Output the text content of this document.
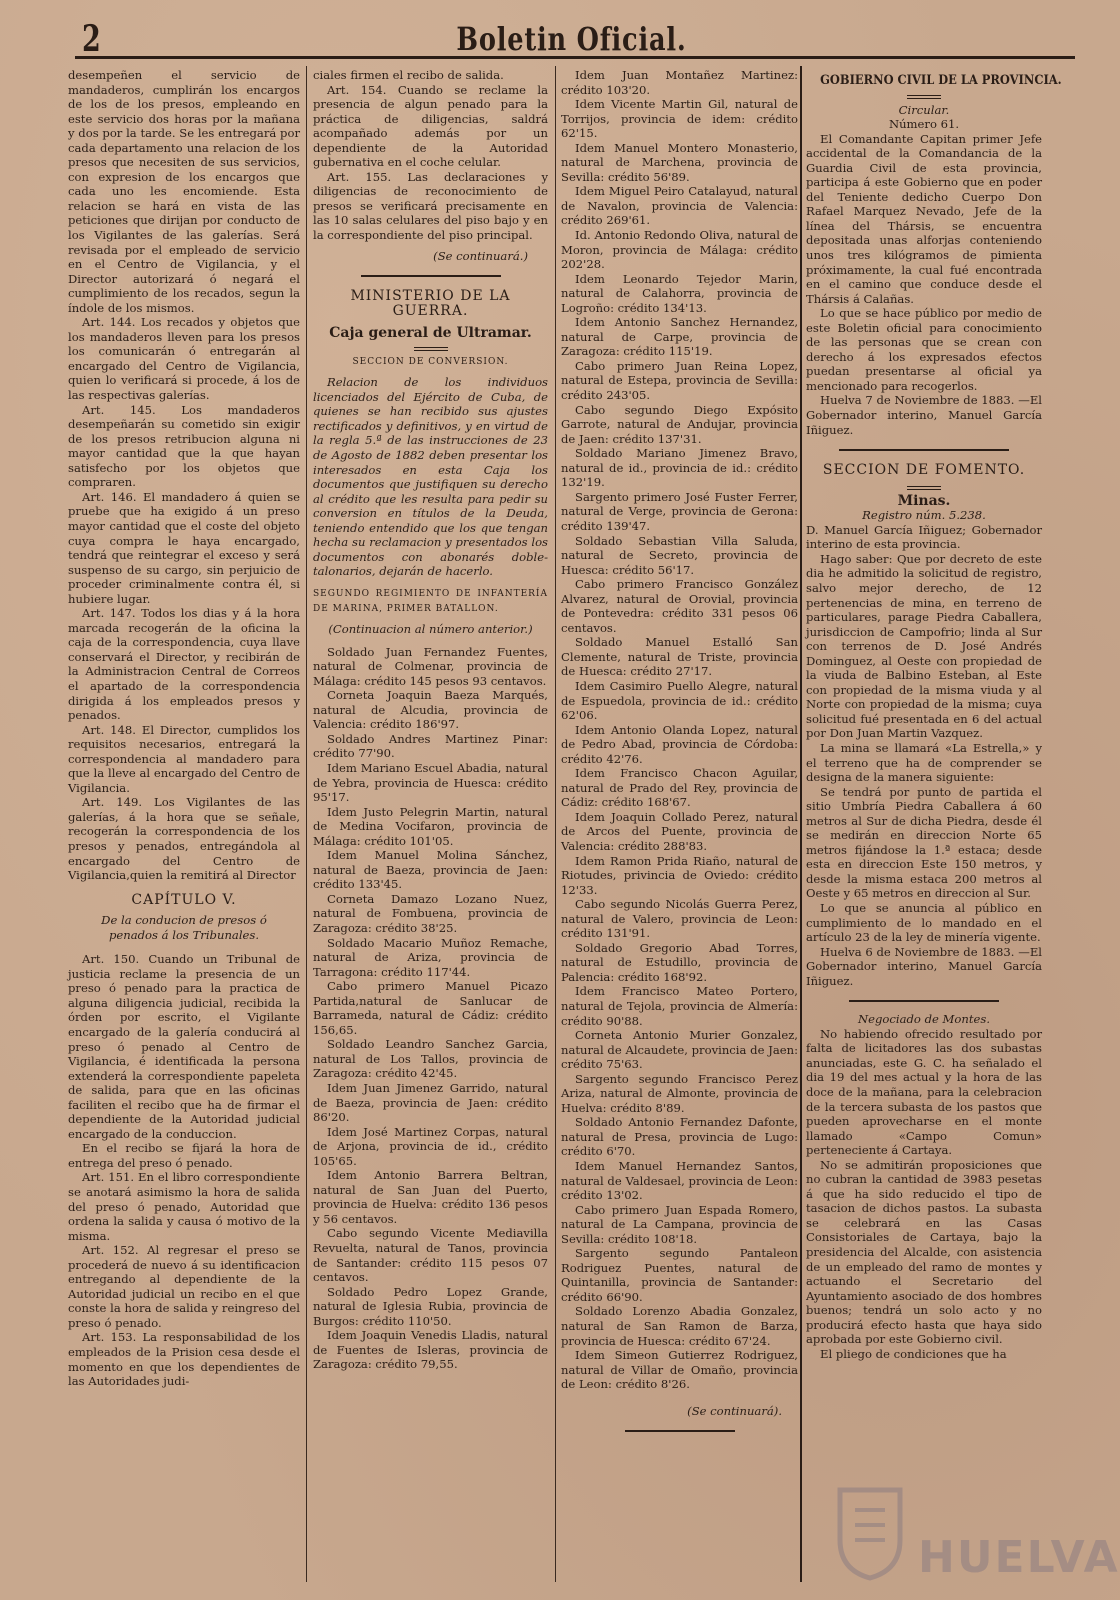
2	Boletin Oficial.

desempeñen el servicio de mandaderos, cumplirán los encargos de los de los presos, empleando en este servicio dos horas por la mañana y dos por la tarde. Se les entregará por cada departamento una relacion de los presos que necesiten de sus servicios, con expresion de los encargos que cada uno les encomiende. Esta relacion se hará en vista de las peticiones que dirijan por conducto de los Vigilantes de las galerías. Será revisada por el empleado de servicio en el Centro de Vigilancia, y el Director autorizará ó negará el cumplimiento de los recados, segun la índole de los mismos.

Art. 144. Los recados y objetos que los mandaderos lleven para los presos los comunicarán ó entregarán al encargado del Centro de Vigilancia, quien lo verificará si procede, á los de las respectivas galerías.

Art. 145. Los mandaderos desempeñarán su cometido sin exigir de los presos retribucion alguna ni mayor cantidad que la que hayan satisfecho por los objetos que compraren.

Art. 146. El mandadero á quien se pruebe que ha exigido á un preso mayor cantidad que el coste del objeto cuya compra le haya encargado, tendrá que reintegrar el exceso y será suspenso de su cargo, sin perjuicio de proceder criminalmente contra él, si hubiere lugar.

Art. 147. Todos los dias y á la hora marcada recogerán de la oficina la caja de la correspondencia, cuya llave conservará el Director, y recibirán de la Administracion Central de Correos el apartado de la correspondencia dirigida á los empleados presos y penados.

Art. 148. El Director, cumplidos los requisitos necesarios, entregará la correspondencia al mandadero para que la lleve al encargado del Centro de Vigilancia.

Art. 149. Los Vigilantes de las galerías, á la hora que se señale, recogerán la correspondencia de los presos y penados, entregándola al encargado del Centro de Vigilancia,quien la remitirá al Director

CAPÍTULO V.

De la conducion de presos ó penados á los Tribunales.

Art. 150. Cuando un Tribunal de justicia reclame la presencia de un preso ó penado para la practica de alguna diligencia judicial, recibida la órden por escrito, el Vigilante encargado de la galería conducirá al preso ó penado al Centro de Vigilancia, é identificada la persona extenderá la correspondiente papeleta de salida, para que en las oficinas faciliten el recibo que ha de firmar el dependiente de la Autoridad judicial encargado de la conduccion.

En el recibo se fijará la hora de entrega del preso ó penado.

Art. 151. En el libro correspondiente se anotará asimismo la hora de salida del preso ó penado, Autoridad que ordena la salida y causa ó motivo de la misma.

Art. 152. Al regresar el preso se procederá de nuevo á su identificacion entregando al dependiente de la Autoridad judicial un recibo en el que conste la hora de salida y reingreso del preso ó penado.

Art. 153. La responsabilidad de los empleados de la Prision cesa desde el momento en que los dependientes de las Autoridades judi-

ciales firmen el recibo de salida.

Art. 154. Cuando se reclame la presencia de algun penado para la práctica de diligencias, saldrá acompañado además por un dependiente de la Autoridad gubernativa en el coche celular.

Art. 155. Las declaraciones y diligencias de reconocimiento de presos se verificará precisamente en las 10 salas celulares del piso bajo y en la correspondiente del piso principal.

(Se continuará.)

MINISTERIO DE LA GUERRA.
Caja general de Ultramar.
SECCION DE CONVERSION.

Relacion de los individuos licenciados del Ejército de Cuba, de quienes se han recibido sus ajustes rectificados y definitivos, y en virtud de la regla 5.ª de las instrucciones de 23 de Agosto de 1882 deben presentar los interesados en esta Caja los documentos que justifiquen su derecho al crédito que les resulta para pedir su conversion en títulos de la Deuda, teniendo entendido que los que tengan hecha su reclamacion y presentados los documentos con abonarés doble-talonarios, dejarán de hacerlo.

SEGUNDO REGIMIENTO DE INFANTERÍA DE MARINA, PRIMER BATALLON.

(Continuacion al número anterior.)

Soldado Juan Fernandez Fuentes, natural de Colmenar, provincia de Málaga: crédito 145 pesos 93 centavos.

Corneta Joaquin Baeza Marqués, natural de Alcudia, provincia de Valencia: crédito 186'97.

Soldado Andres Martinez Pinar: crédito 77'90.

Idem Mariano Escuel Abadia, natural de Yebra, provincia de Huesca: crédito 95'17.

Idem Justo Pelegrin Martin, natural de Medina Vocifaron, provincia de Málaga: crédito 101'05.

Idem Manuel Molina Sánchez, natural de Baeza, provincia de Jaen: crédito 133'45.

Corneta Damazo Lozano Nuez, natural de Fombuena, provincia de Zaragoza: crédito 38'25.

Soldado Macario Muñoz Remache, natural de Ariza, provincia de Tarragona: crédito 117'44.

Cabo primero Manuel Picazo Partida,natural de Sanlucar de Barrameda, natural de Cádiz: crédito 156,65.

Soldado Leandro Sanchez Garcia, natural de Los Tallos, provincia de Zaragoza: crédito 42'45.

Idem Juan Jimenez Garrido, natural de Baeza, provincia de Jaen: crédito 86'20.

Idem José Martinez Corpas, natural de Arjona, provincia de id., crédito 105'65.

Idem Antonio Barrera Beltran, natural de San Juan del Puerto, provincia de Huelva: crédito 136 pesos y 56 centavos.

Cabo segundo Vicente Mediavilla Revuelta, natural de Tanos, provincia de Santander: crédito 115 pesos 07 centavos.

Soldado Pedro Lopez Grande, natural de Iglesia Rubia, provincia de Burgos: crédito 110'50.

Idem Joaquin Venedis Lladis, natural de Fuentes de Isleras, provincia de Zaragoza: crédito 79,55.

Idem Juan Montañez Martinez: crédito 103'20.

Idem Vicente Martin Gil, natural de Torrijos, provincia de idem: crédito 62'15.

Idem Manuel Montero Monasterio, natural de Marchena, provincia de Sevilla: crédito 56'89.

Idem Miguel Peiro Catalayud, natural de Navalon, provincia de Valencia: crédito 269'61.

Id. Antonio Redondo Oliva, natural de Moron, provincia de Málaga: crédito 202'28.

Idem Leonardo Tejedor Marin, natural de Calahorra, provincia de Logroño: crédito 134'13.

Idem Antonio Sanchez Hernandez, natural de Carpe, provincia de Zaragoza: crédito 115'19.

Cabo primero Juan Reina Lopez, natural de Estepa, provincia de Sevilla: crédito 243'05.

Cabo segundo Diego Expósito Garrote, natural de Andujar, provincia de Jaen: crédito 137'31.

Soldado Mariano Jimenez Bravo, natural de id., provincia de id.: crédito 132'19.

Sargento primero José Fuster Ferrer, natural de Verge, provincia de Gerona: crédito 139'47.

Soldado Sebastian Villa Saluda, natural de Secreto, provincia de Huesca: crédito 56'17.

Cabo primero Francisco González Alvarez, natural de Orovial, provincia de Pontevedra: crédito 331 pesos 06 centavos.

Soldado Manuel Estalló San Clemente, natural de Triste, provincia de Huesca: crédito 27'17.

Idem Casimiro Puello Alegre, natural de Espuedola, provincia de id.: crédito 62'06.

Idem Antonio Olanda Lopez, natural de Pedro Abad, provincia de Córdoba: crédito 42'76.

Idem Francisco Chacon Aguilar, natural de Prado del Rey, provincia de Cádiz: crédito 168'67.

Idem Joaquin Collado Perez, natural de Arcos del Puente, provincia de Valencia: crédito 288'83.

Idem Ramon Prida Riaño, natural de Riotudes, privincia de Oviedo: crédito 12'33.

Cabo segundo Nicolás Guerra Perez, natural de Valero, provincia de Leon: crédito 131'91.

Soldado Gregorio Abad Torres, natural de Estudillo, provincia de Palencia: crédito 168'92.

Idem Francisco Mateo Portero, natural de Tejola, provincia de Almería: crédito 90'88.

Corneta Antonio Murier Gonzalez, natural de Alcaudete, provincia de Jaen: crédito 75'63.

Sargento segundo Francisco Perez Ariza, natural de Almonte, provincia de Huelva: crédito 8'89.

Soldado Antonio Fernandez Dafonte, natural de Presa, provincia de Lugo: crédito 6'70.

Idem Manuel Hernandez Santos, natural de Valdesael, provincia de Leon: crédito 13'02.

Cabo primero Juan Espada Romero, natural de La Campana, provincia de Sevilla: crédito 108'18.

Sargento segundo Pantaleon Rodriguez Puentes, natural de Quintanilla, provincia de Santander: crédito 66'90.

Soldado Lorenzo Abadia Gonzalez, natural de San Ramon de Barza, provincia de Huesca: crédito 67'24.

Idem Simeon Gutierrez Rodriguez, natural de Villar de Omaño, provincia de Leon: crédito 8'26.

(Se continuará).

GOBIERNO CIVIL DE LA PROVINCIA.

Circular.

Número 61.

El Comandante Capitan primer Jefe accidental de la Comandancia de la Guardia Civil de esta provincia, participa á este Gobierno que en poder del Teniente dedicho Cuerpo Don Rafael Marquez Nevado, Jefe de la línea del Thársis, se encuentra depositada unas alforjas conteniendo unos tres kilógramos de pimienta próximamente, la cual fué encontrada en el camino que conduce desde el Thársis á Calañas.

Lo que se hace público por medio de este Boletin oficial para conocimiento de las personas que se crean con derecho á los expresados efectos puedan presentarse al oficial ya mencionado para recogerlos.

Huelva 7 de Noviembre de 1883. —El Gobernador interino, Manuel García Iñiguez.

SECCION DE FOMENTO.
Minas.

Registro núm. 5.238.

D. Manuel García Iñiguez; Gobernador interino de esta provincia.

Hago saber: Que por decreto de este dia he admitido la solicitud de registro, salvo mejor derecho, de 12 pertenencias de mina, en terreno de particulares, parage Piedra Caballera, jurisdiccion de Campofrio; linda al Sur con terrenos de D. José Andrés Dominguez, al Oeste con propiedad de la viuda de Balbino Esteban, al Este con propiedad de la misma viuda y al Norte con propiedad de la misma; cuya solicitud fué presentada en 6 del actual por Don Juan Martin Vazquez.

La mina se llamará «La Estrella,» y el terreno que ha de comprender se designa de la manera siguiente:

Se tendrá por punto de partida el sitio Umbría Piedra Caballera á 60 metros al Sur de dicha Piedra, desde él se medirán en direccion Norte 65 metros fijándose la 1.ª estaca; desde esta en direccion Este 150 metros, y desde la misma estaca 200 metros al Oeste y 65 metros en direccion al Sur.

Lo que se anuncia al público en cumplimiento de lo mandado en el artículo 23 de la ley de minería vigente.

Huelva 6 de Noviembre de 1883. —El Gobernador interino, Manuel García Iñiguez.

Negociado de Montes.

No habiendo ofrecido resultado por falta de licitadores las dos subastas anunciadas, este G. C. ha señalado el dia 19 del mes actual y la hora de las doce de la mañana, para la celebracion de la tercera subasta de los pastos que pueden aprovecharse en el monte llamado «Campo Comun» perteneciente á Cartaya.

No se admitirán proposiciones que no cubran la cantidad de 3983 pesetas á que ha sido reducido el tipo de tasacion de dichos pastos. La subasta se celebrará en las Casas Consistoriales de Cartaya, bajo la presidencia del Alcalde, con asistencia de un empleado del ramo de montes y actuando el Secretario del Ayuntamiento asociado de dos hombres buenos; tendrá un solo acto y no producirá efecto hasta que haya sido aprobada por este Gobierno civil.

El pliego de condiciones que ha

HUELVA
